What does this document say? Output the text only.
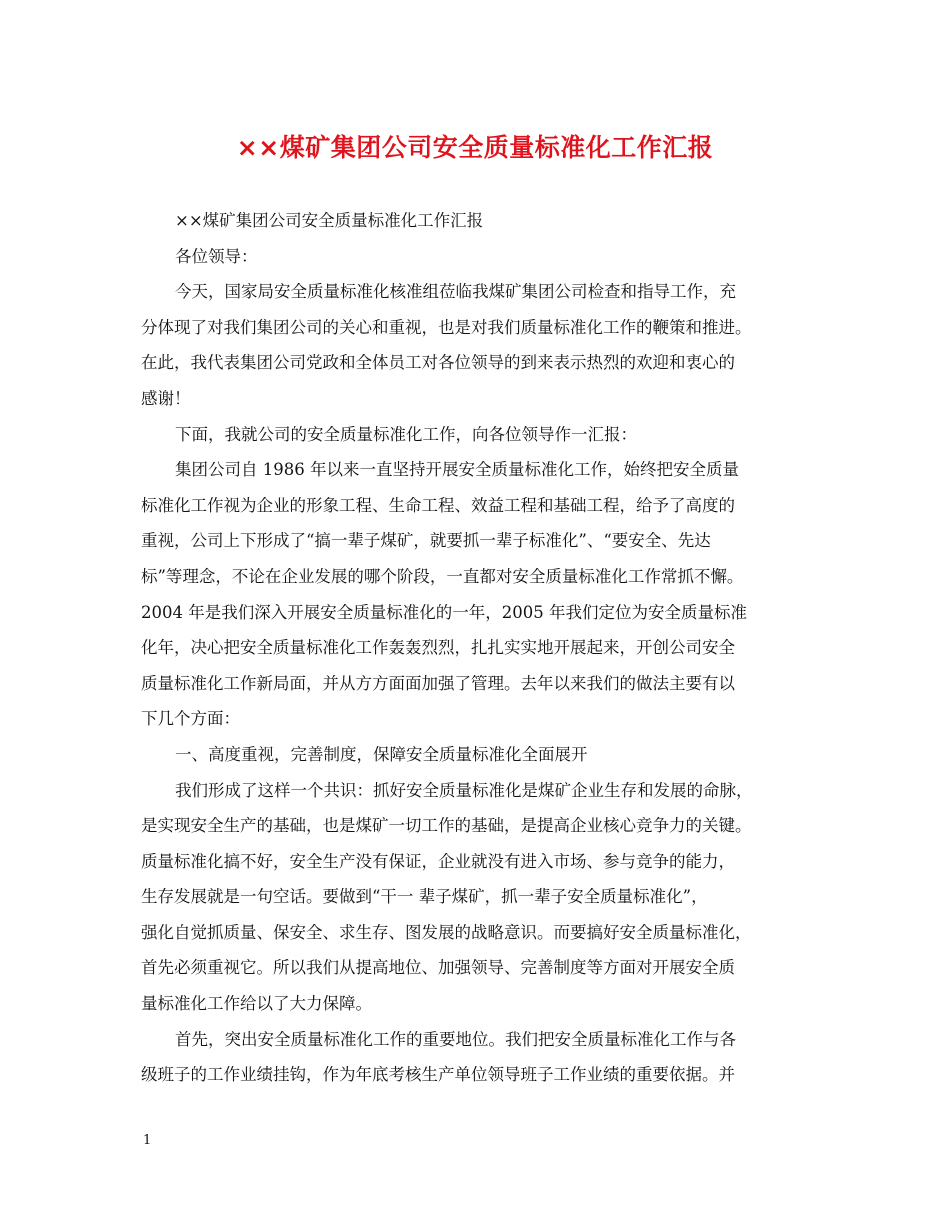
××煤矿集团公司安全质量标准化工作汇报
××煤矿集团公司安全质量标准化工作汇报
各位领导：
今天，国家局安全质量标准化核准组莅临我煤矿集团公司检查和指导工作，充
分体现了对我们集团公司的关心和重视，也是对我们质量标准化工作的鞭策和推进。
在此，我代表集团公司党政和全体员工对各位领导的到来表示热烈的欢迎和衷心的
感谢！
下面，我就公司的安全质量标准化工作，向各位领导作一汇报：
集团公司自 1986 年以来一直坚持开展安全质量标准化工作，始终把安全质量
标准化工作视为企业的形象工程、生命工程、效益工程和基础工程，给予了高度的
重视，公司上下形成了“搞一辈子煤矿，就要抓一辈子标准化”、“要安全、先达
标”等理念，不论在企业发展的哪个阶段，一直都对安全质量标准化工作常抓不懈。
2004 年是我们深入开展安全质量标准化的一年，2005 年我们定位为安全质量标准
化年，决心把安全质量标准化工作轰轰烈烈，扎扎实实地开展起来，开创公司安全
质量标准化工作新局面，并从方方面面加强了管理。去年以来我们的做法主要有以
下几个方面：
一、高度重视，完善制度，保障安全质量标准化全面展开
我们形成了这样一个共识：抓好安全质量标准化是煤矿企业生存和发展的命脉，
是实现安全生产的基础，也是煤矿一切工作的基础，是提高企业核心竞争力的关键。
质量标准化搞不好，安全生产没有保证，企业就没有进入市场、参与竞争的能力，
生存发展就是一句空话。要做到“干一 辈子煤矿，抓一辈子安全质量标准化”，
强化自觉抓质量、保安全、求生存、图发展的战略意识。而要搞好安全质量标准化，
首先必须重视它。所以我们从提高地位、加强领导、完善制度等方面对开展安全质
量标准化工作给以了大力保障。
首先，突出安全质量标准化工作的重要地位。我们把安全质量标准化工作与各
级班子的工作业绩挂钩，作为年底考核生产单位领导班子工作业绩的重要依据。并
1
